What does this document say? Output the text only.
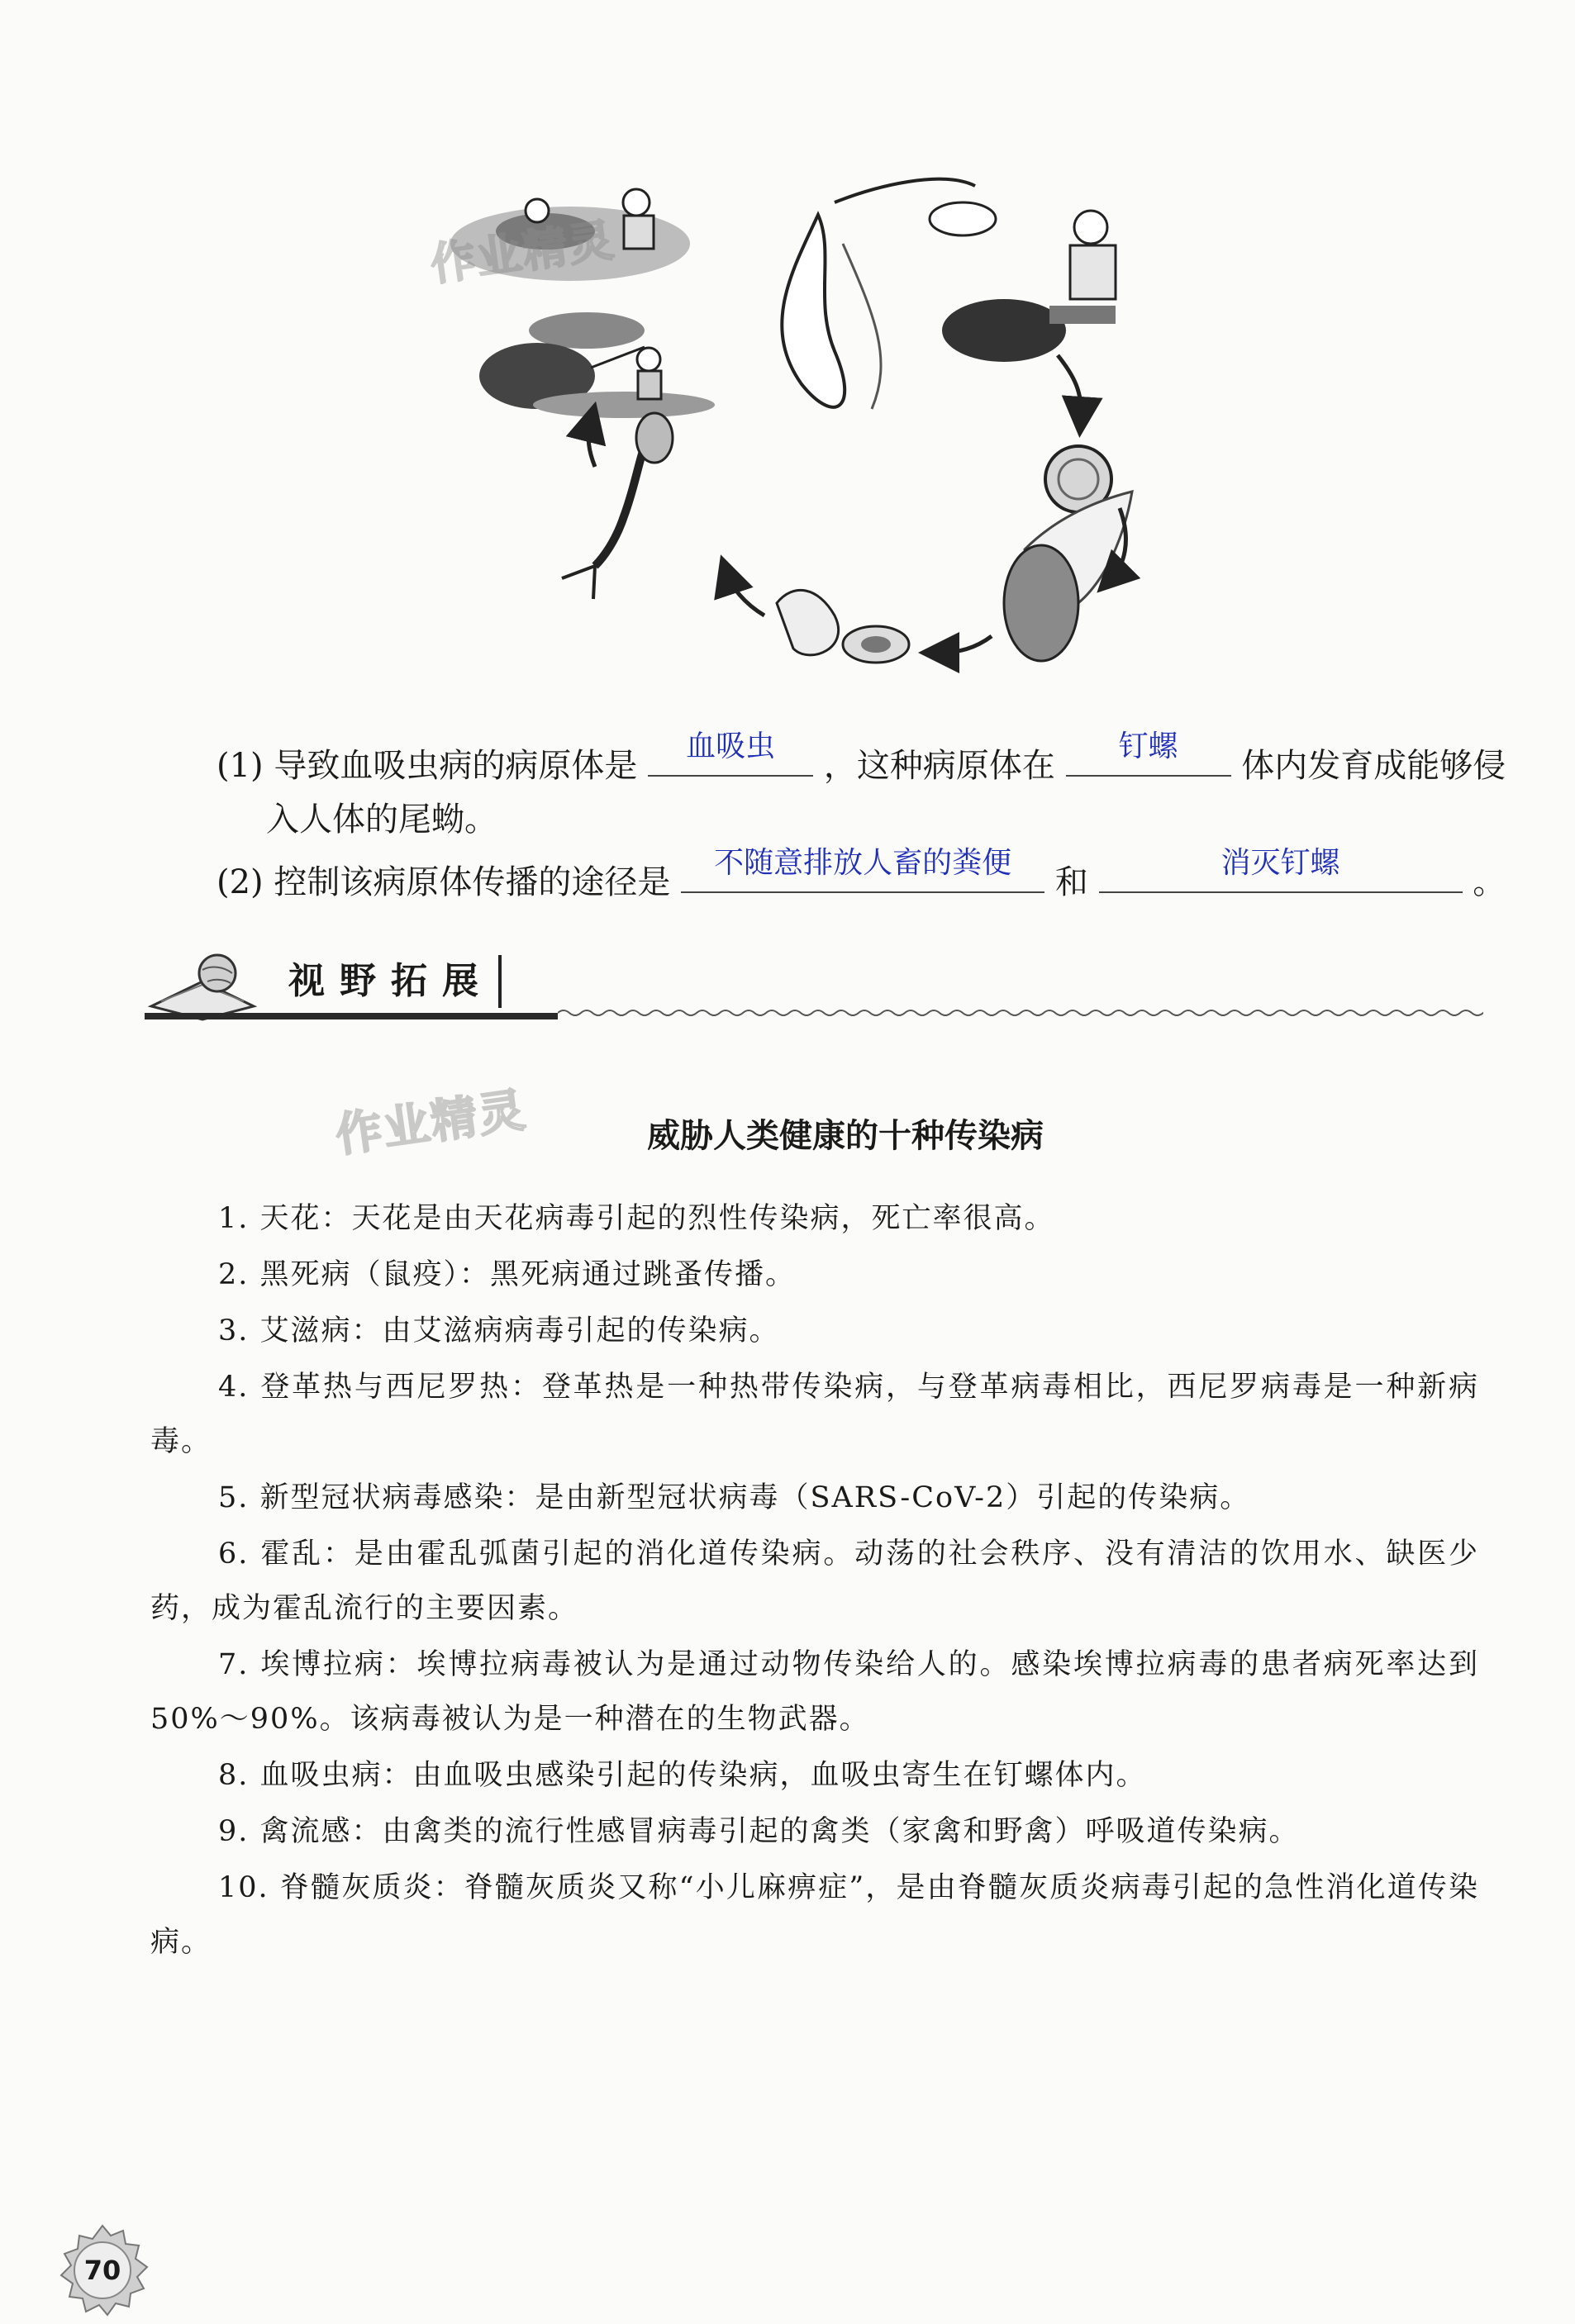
作业精灵
(1) 导致血吸虫病的病原体是
血吸虫
，这种病原体在
钉螺
体内发育成能够侵
入人体的尾蚴。
(2) 控制该病原体传播的途径是
不随意排放人畜的粪便
和
消灭钉螺
。
视野拓展
作业精灵	威胁人类健康的十种传染病
1. 天花：天花是由天花病毒引起的烈性传染病，死亡率很高。
2. 黑死病（鼠疫）：黑死病通过跳蚤传播。
3. 艾滋病：由艾滋病病毒引起的传染病。
4. 登革热与西尼罗热：登革热是一种热带传染病，与登革病毒相比，西尼罗病毒是一种新病毒。
5. 新型冠状病毒感染：是由新型冠状病毒（SARS-CoV-2）引起的传染病。
6. 霍乱：是由霍乱弧菌引起的消化道传染病。动荡的社会秩序、没有清洁的饮用水、缺医少药，成为霍乱流行的主要因素。
7. 埃博拉病：埃博拉病毒被认为是通过动物传染给人的。感染埃博拉病毒的患者病死率达到 50%～90%。该病毒被认为是一种潜在的生物武器。
8. 血吸虫病：由血吸虫感染引起的传染病，血吸虫寄生在钉螺体内。
9. 禽流感：由禽类的流行性感冒病毒引起的禽类（家禽和野禽）呼吸道传染病。
10. 脊髓灰质炎：脊髓灰质炎又称“小儿麻痹症”，是由脊髓灰质炎病毒引起的急性消化道传染病。
70
